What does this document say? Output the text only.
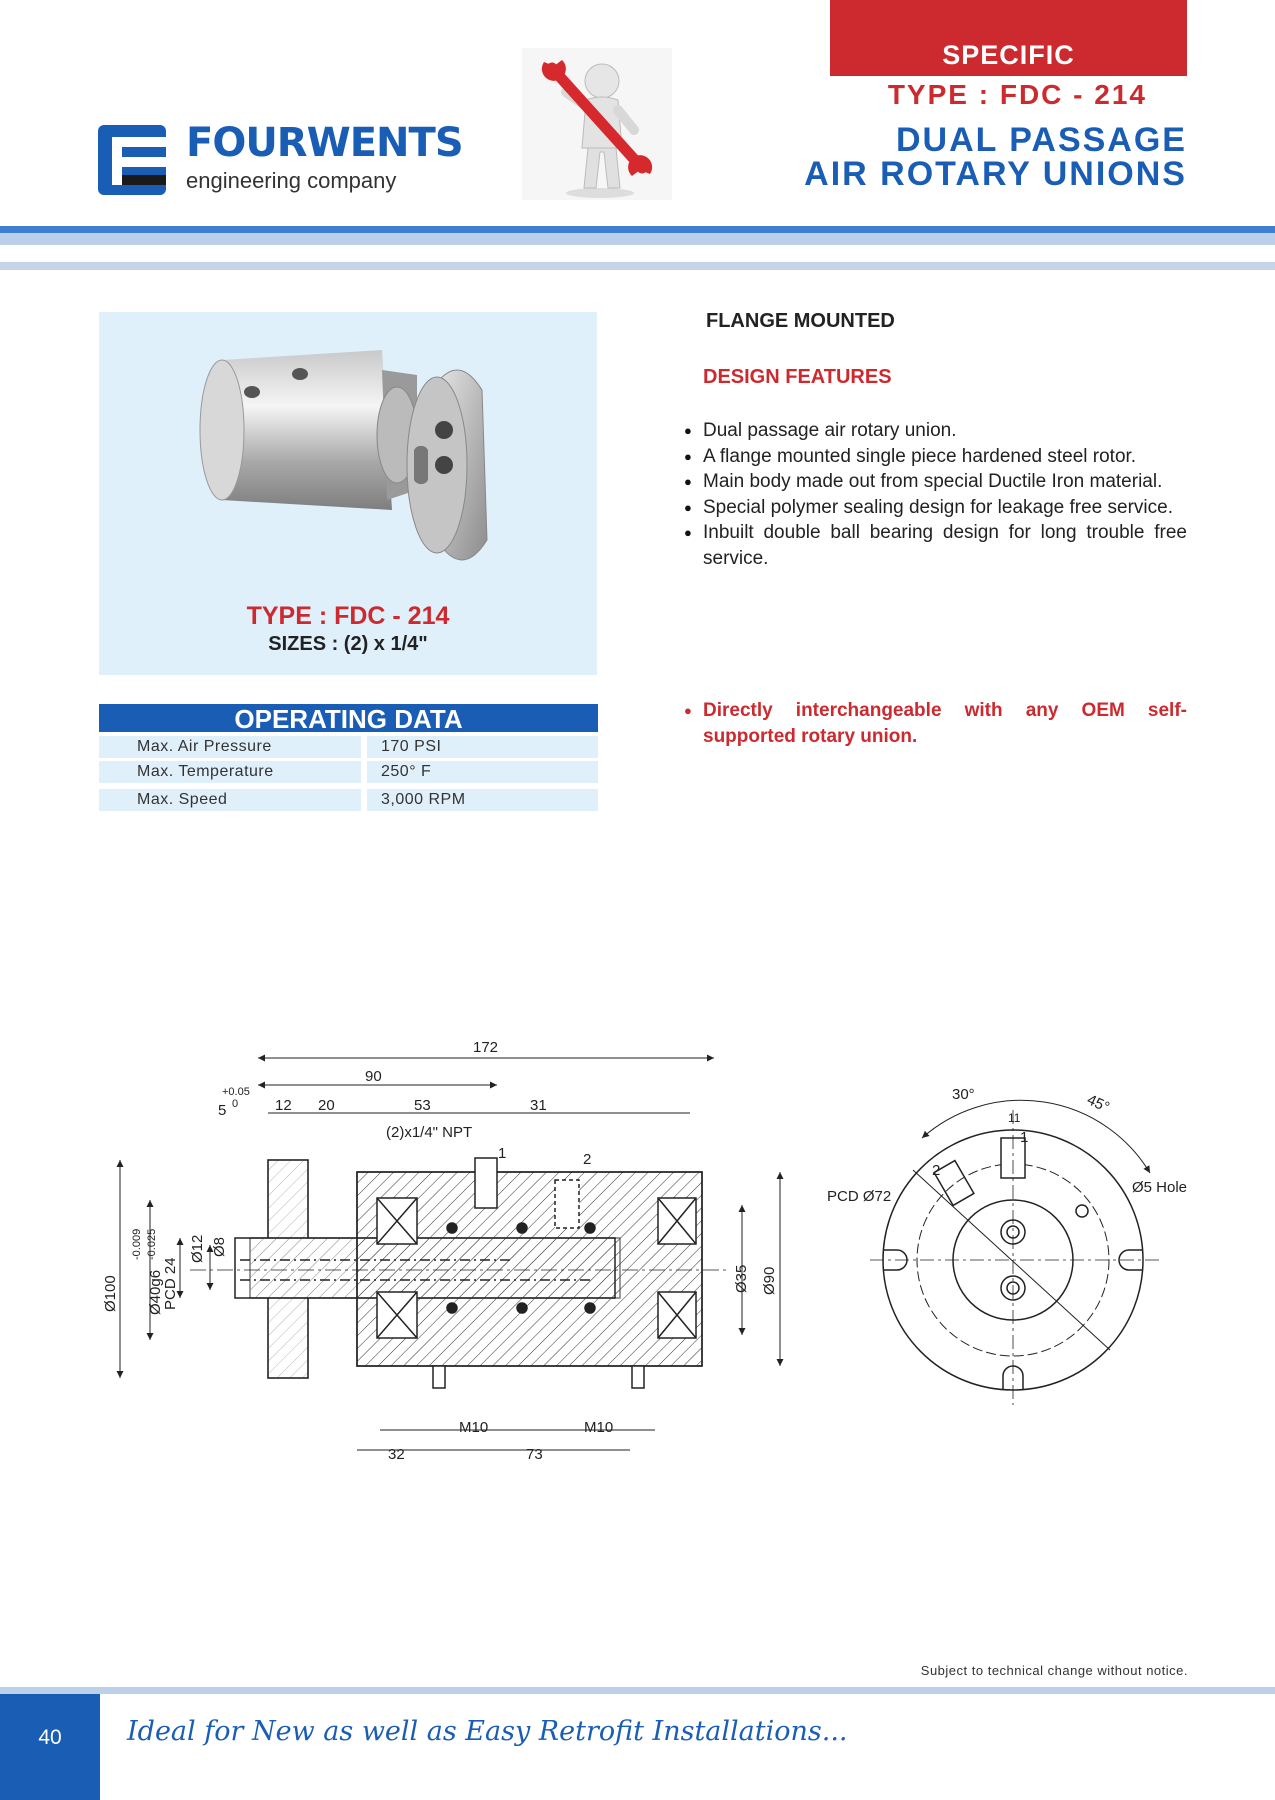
SPECIFIC
TYPE : FDC - 214
DUAL PASSAGE
AIR ROTARY UNIONS
FOURWENTS
engineering company
TYPE : FDC - 214
SIZES : (2) x 1/4"
OPERATING DATA
Max. Air Pressure	170 PSI
Max. Temperature	250° F
Max. Speed	3,000 RPM
FLANGE MOUNTED
DESIGN FEATURES
● Dual passage air rotary union.
● A flange mounted single piece hardened steel rotor.
● Main body made out from special Ductile Iron material.
● Special polymer sealing design for leakage free service.
● Inbuilt double ball bearing design for long trouble free service.
● Directly interchangeable with any OEM self-supported rotary union.
172
90
+0.05
0
5	12 20	53	31
(2)x1/4" NPT
1	2
Ø100
-0.009 -0.025
Ø40g6
PCD 24
Ø12 Ø8
Ø35 Ø90
M10	M10
32	73
30°	45°
11
1
2
PCD Ø72
Ø5 Hole
Subject to technical change without notice.
40	Ideal for New as well as Easy Retrofit Installations...
